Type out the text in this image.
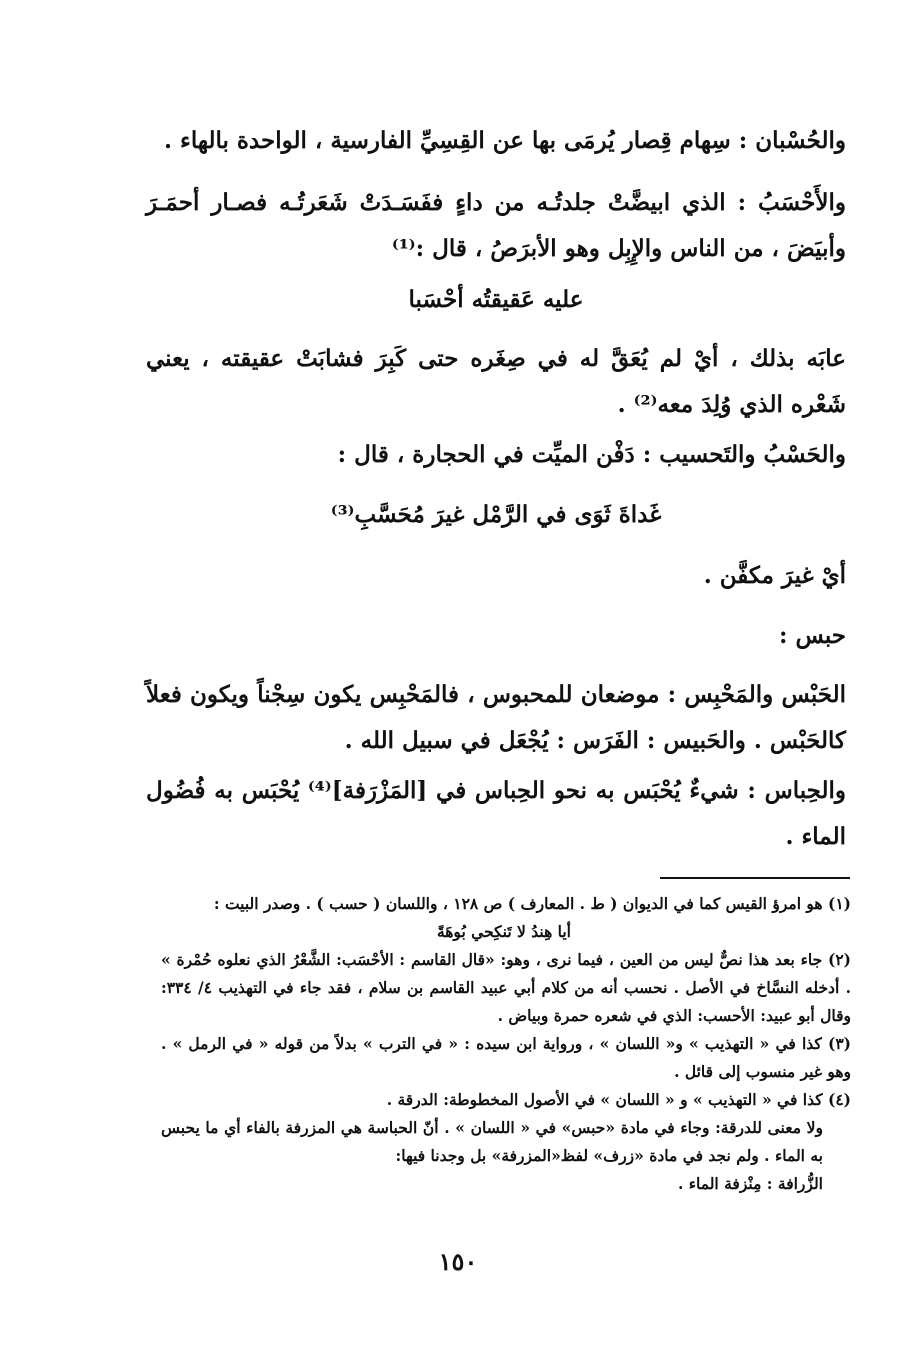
والحُسْبان : سِهام قِصار يُرمَى بها عن القِسِيِّ الفارسية ، الواحدة بالهاء .

والأَحْسَبُ : الذي ابيضَّتْ جلدتُـه من داءٍ ففَسَـدَتْ شَعَرتُـه فصـار أحمَـرَ وأبيَضَ ، من الناس والإِبِل وهو الأبرَصُ ، قال :⁽¹⁾

عليه عَقيقتُه أحْسَبا

عابَه بذلك ، أيْ لم يُعَقَّ له في صِغَره حتى كَبِرَ فشابَتْ عقيقته ، يعني شَعْره الذي وُلِدَ معه⁽²⁾ .

والحَسْبُ والتَحسيب : دَفْن الميِّت في الحجارة ، قال :

غَداةَ ثَوَى في الرَّمْل غيرَ مُحَسَّبِ⁽³⁾

أيْ غيرَ مكفَّن .

حبس :

الحَبْس والمَحْبِس : موضعان للمحبوس ، فالمَحْبِس يكون سِجْناً ويكون فعلاً كالحَبْس . والحَبيس : الفَرَس : يُجْعَل في سبيل الله .

والحِباس : شيءٌ يُحْبَس به نحو الحِباس في [المَزْرَفة]⁽⁴⁾ يُحْبَس به فُضُول الماء .

(١) هو امرؤ القيس كما في الديوان ( ط . المعارف ) ص ١٢٨ ، واللسان ( حسب ) . وصدر البيت :

أيا هِندُ لا تَنكِحي بُوهَةً

(٢) جاء بعد هذا نصٌّ ليس من العين ، فيما نرى ، وهو: «قال القاسم : الأحْسَب: الشَّعْرُ الذي نعلوه حُمْرة » . أدخله النسَّاخ في الأصل . نحسب أنه من كلام أبي عبيد القاسم بن سلام ، فقد جاء في التهذيب ٤/ ٣٣٤: وقال أبو عبيد: الأحسب: الذي في شعره حمرة وبياض .

(٣) كذا في « التهذيب » و« اللسان » ، ورواية ابن سيده : « في الترب » بدلاً من قوله « في الرمل » . وهو غير منسوب إلى قائل .

(٤) كذا في « التهذيب » و « اللسان » في الأصول المخطوطة: الدرقة .

ولا معنى للدرقة: وجاء في مادة «حبس» في « اللسان » . أنّ الحباسة هي المزرفة بالفاء أي ما يحبس به الماء . ولم نجد في مادة «زرف» لفظ«المزرفة» بل وجدنا فيها:

الزُّرافة : مِنْزفة الماء .

١٥٠
